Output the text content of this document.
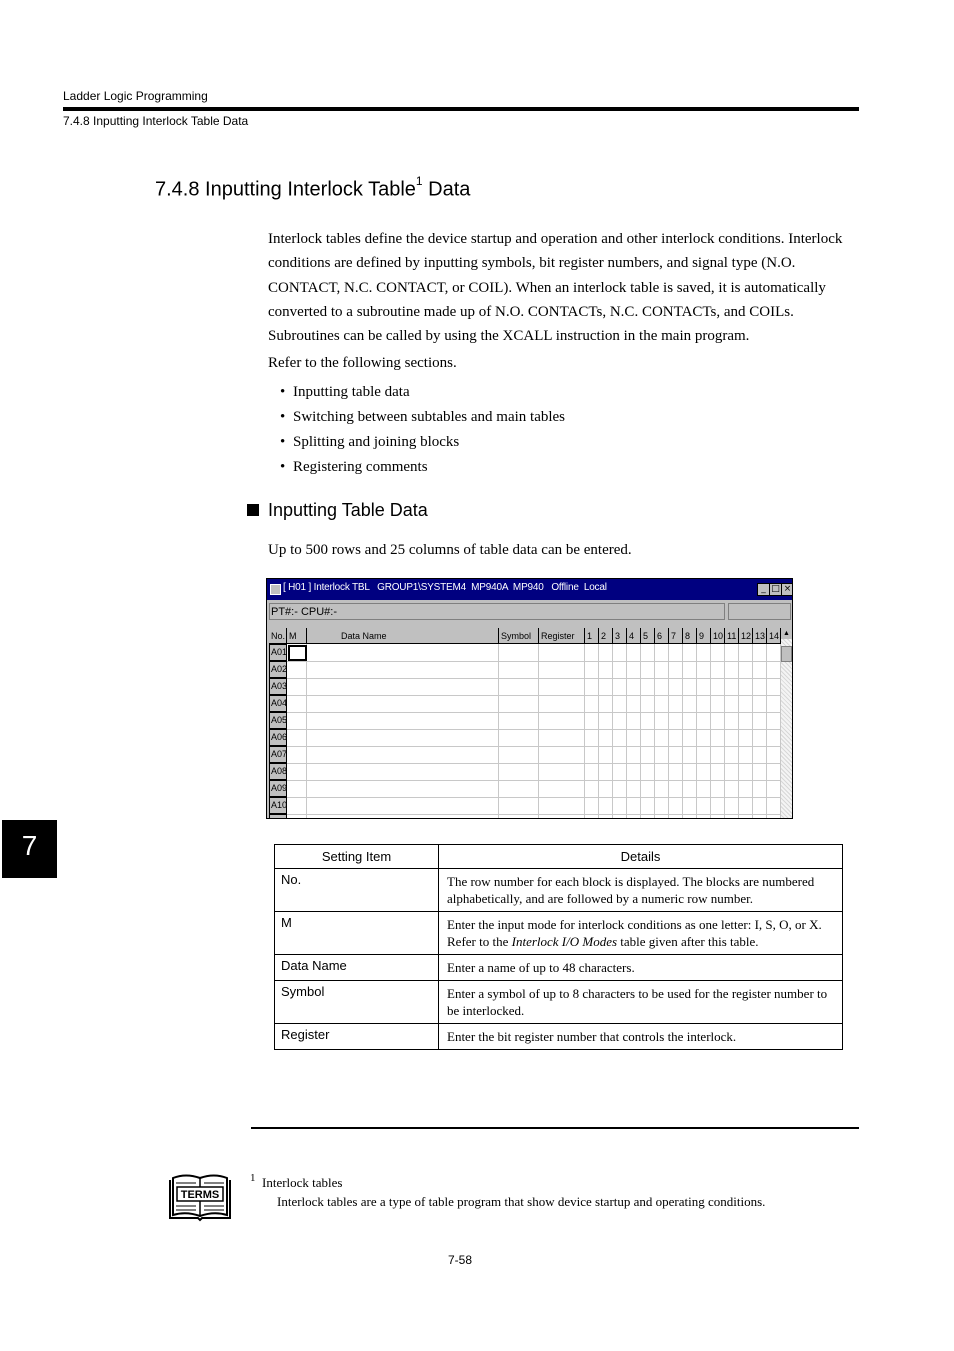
Ladder Logic Programming
7.4.8 Inputting Interlock Table Data
7.4.8 Inputting Interlock Table$^1$ Data
Interlock tables define the device startup and operation and other interlock conditions. Interlock conditions are defined by inputting symbols, bit register numbers, and signal type (N.O. CONTACT, N.C. CONTACT, or COIL). When an interlock table is saved, it is automatically converted to a subroutine made up of N.O. CONTACTs, N.C. CONTACTs, and COILs. Subroutines can be called by using the XCALL instruction in the main program.
Refer to the following sections.
• Inputting table data
• Switching between subtables and main tables
• Splitting and joining blocks
• Registering comments
Inputting Table Data
Up to 500 rows and 25 columns of table data can be entered.
[ H01 ] Interlock TBL   GROUP1\SYSTEM4  MP940A  MP940   Offline  Local	_ □ ×
PT#:- CPU#:-
No. M	Data Name	Symbol	Register	1 2 3 4 5 6 7 8 9 10 11 12 13 14
A01
A02
A03
A04
A05
A06
A07
A08
A09
A10
▲
Setting Item	Details
No.	The row number for each block is displayed. The blocks are numbered alphabetically, and are followed by a numeric row number.
M	Enter the input mode for interlock conditions as one letter: I, S, O, or X. Refer to the Interlock I/O Modes table given after this table.
Data Name	Enter a name of up to 48 characters.
Symbol	Enter a symbol of up to 8 characters to be used for the register number to be interlocked.
Register	Enter the bit register number that controls the interlock.
7
TERMS
1 Interlock tables
Interlock tables are a type of table program that show device startup and operating conditions.
7-58
